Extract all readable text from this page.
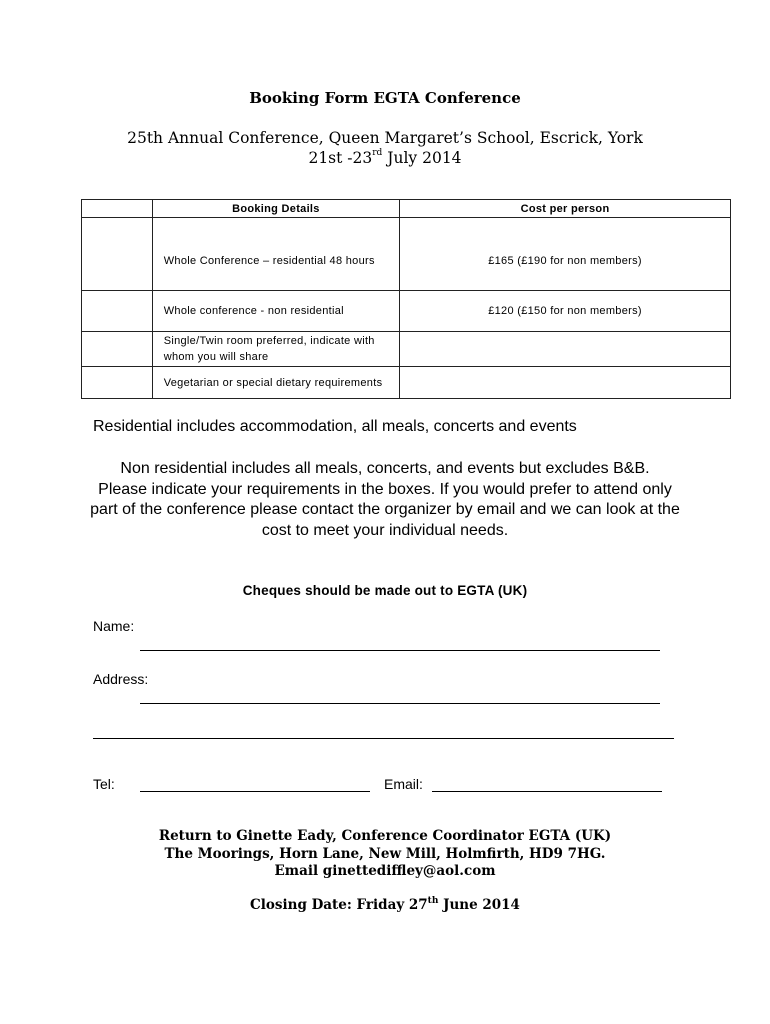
Booking Form EGTA Conference
25th Annual Conference, Queen Margaret’s School, Escrick, York
21st -23rd July 2014
	Booking Details	Cost per person
	Whole Conference – residential 48 hours	£165 (£190 for non members)
	Whole conference - non residential	£120 (£150 for non members)
	Single/Twin room preferred, indicate with whom you will share	
	Vegetarian or special dietary requirements	
Residential includes accommodation, all meals, concerts and events
Non residential includes all meals, concerts, and events but excludes B&B.
Please indicate your requirements in the boxes. If you would prefer to attend only part of the conference please contact the organizer by email and we can look at the cost to meet your individual needs.
Cheques should be made out to EGTA (UK)
Name:
Address:
Tel:	Email:
Return to Ginette Eady, Conference Coordinator EGTA (UK)
The Moorings, Horn Lane, New Mill, Holmfirth, HD9 7HG.
Email ginettediffley@aol.com
Closing Date: Friday 27th June 2014
